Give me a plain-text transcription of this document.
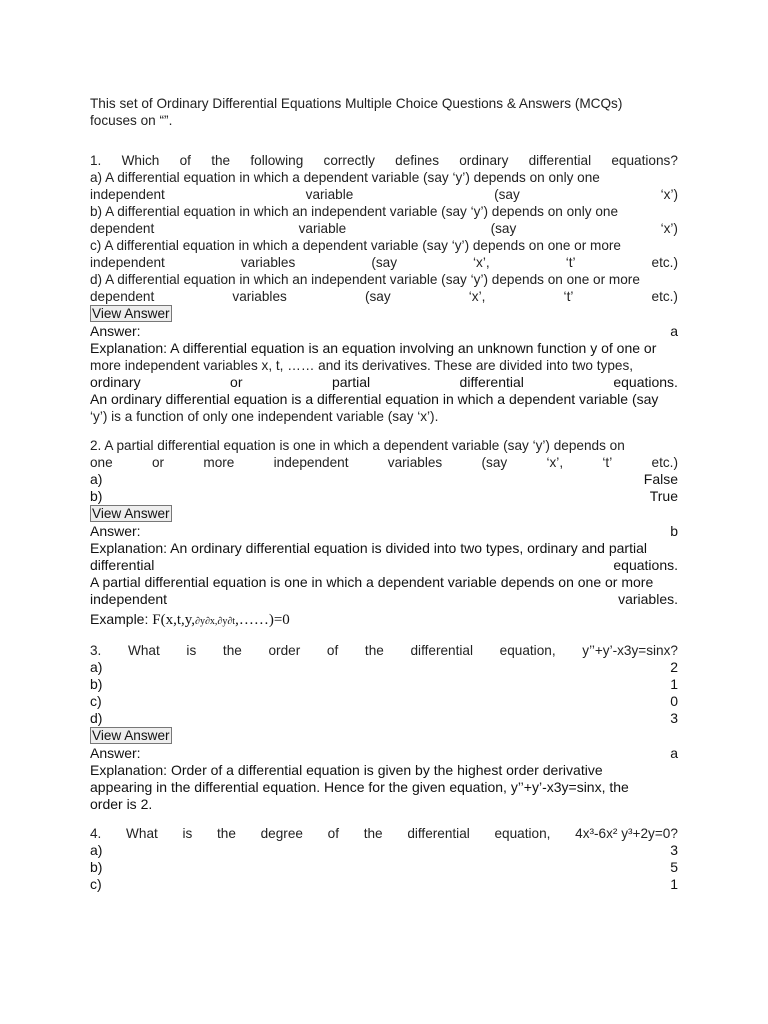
This set of Ordinary Differential Equations Multiple Choice Questions & Answers (MCQs)
focuses on “”.
1. Which of the following correctly defines ordinary differential equations?
a) A differential equation in which a dependent variable (say ‘y’) depends on only one
independent	variable	(say	‘x’)
b) A differential equation in which an independent variable (say ‘y’) depends on only one
dependent	variable	(say	‘x’)
c) A differential equation in which a dependent variable (say ‘y’) depends on one or more
independent	variables	(say	‘x’,	‘t’	etc.)
d) A differential equation in which an independent variable (say ‘y’) depends on one or more
dependent	variables	(say	‘x’,	‘t’	etc.)
View Answer
Answer:	a
Explanation: A differential equation is an equation involving an unknown function y of one or
more independent variables x, t, …… and its derivatives. These are divided into two types,
ordinary	or	partial	differential	equations.
An ordinary differential equation is a differential equation in which a dependent variable (say
‘y’) is a function of only one independent variable (say ‘x’).
2. A partial differential equation is one in which a dependent variable (say ‘y’) depends on
one	or	more	independent	variables	(say	‘x’,	‘t’	etc.)
a)	False
b)	True
View Answer
Answer:	b
Explanation: An ordinary differential equation is divided into two types, ordinary and partial
differential	equations.
A partial differential equation is one in which a dependent variable depends on one or more
independent	variables.
Example: F(x,t,y,∂y∂x,∂y∂t,……)=0
3. What is the order of the differential equation, y’’+y’-x3y=sinx?
a)	2
b)	1
c)	0
d)	3
View Answer
Answer:	a
Explanation: Order of a differential equation is given by the highest order derivative
appearing in the differential equation. Hence for the given equation, y’’+y’-x3y=sinx, the
order is 2.
4. What is the degree of the differential equation, 4x³-6x² y³+2y=0?
a)	3
b)	5
c)	1
